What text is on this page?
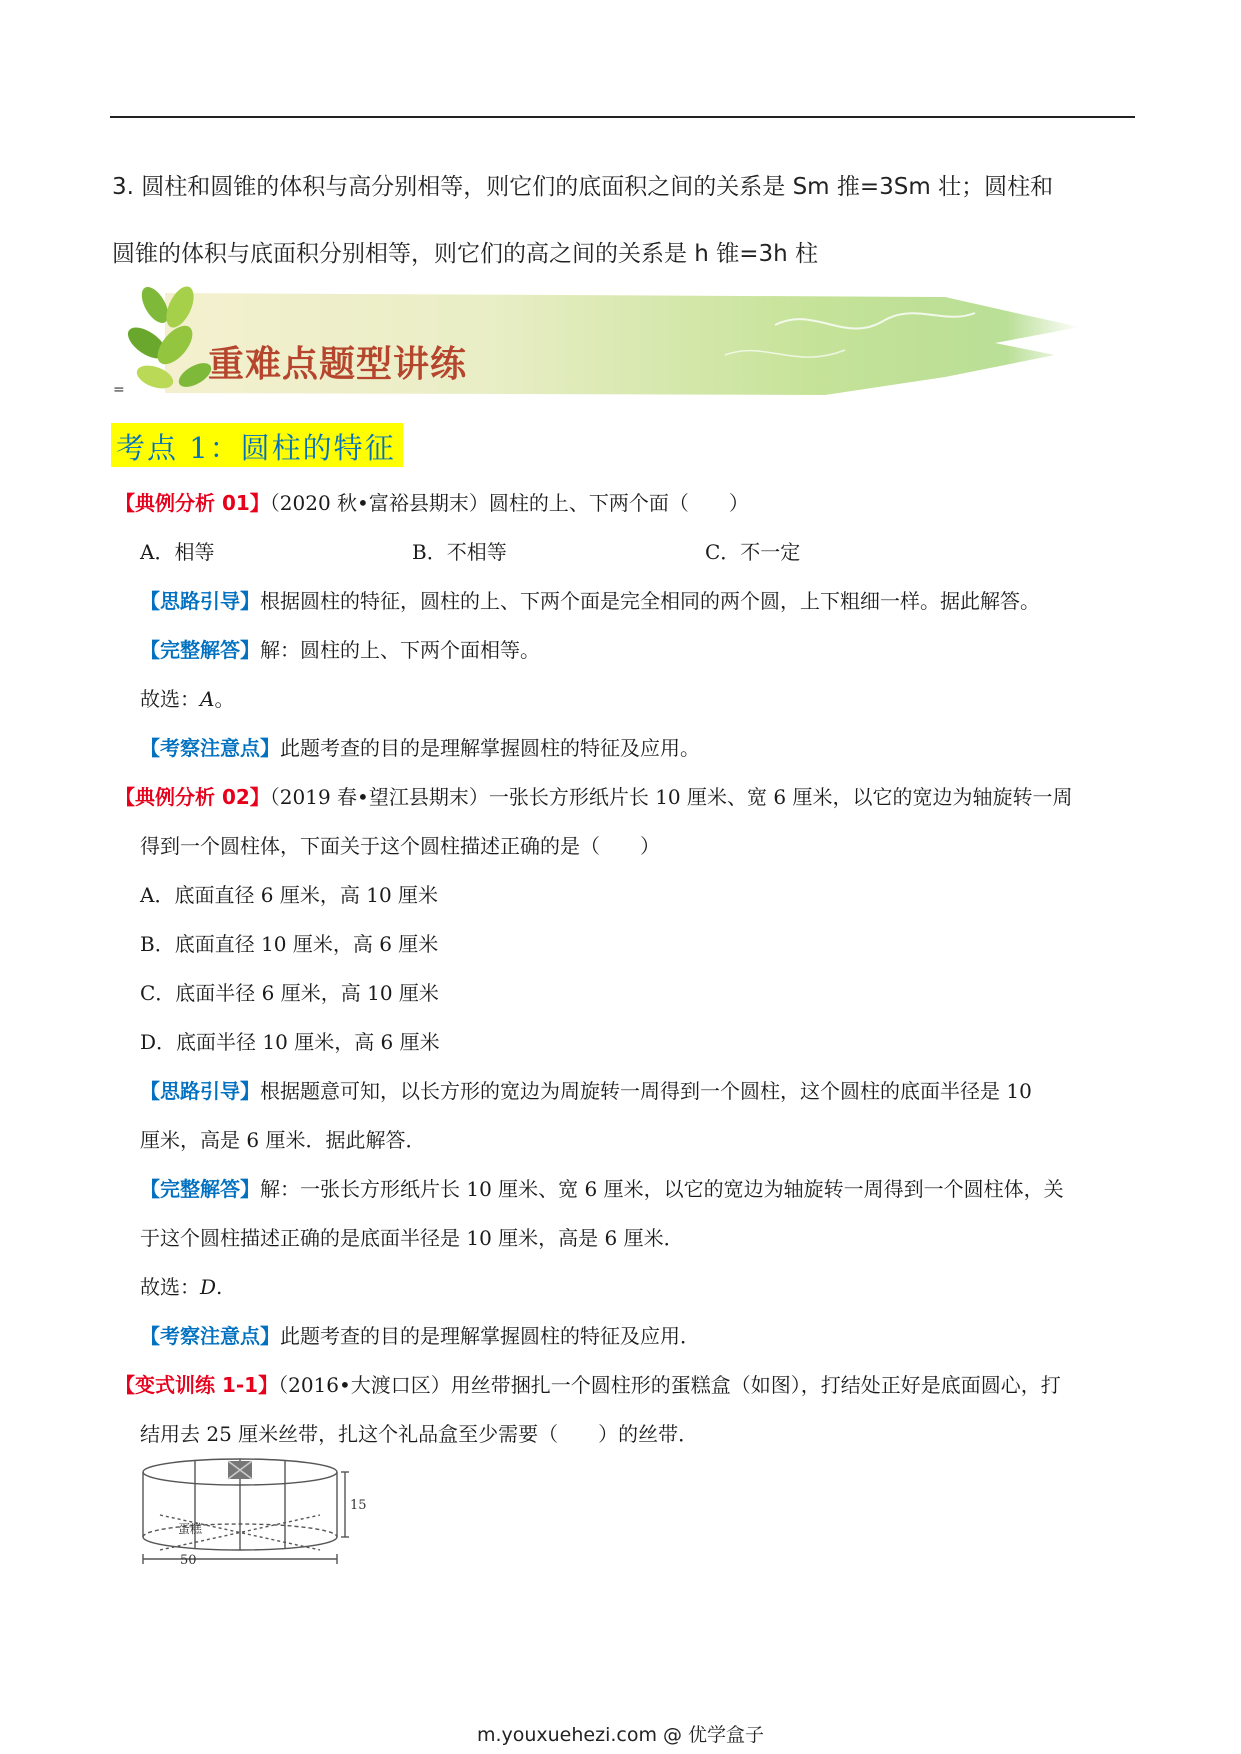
3. 圆柱和圆锥的体积与高分别相等，则它们的底面积之间的关系是 Sm 推=3Sm 壮；圆柱和
圆锥的体积与底面积分别相等，则它们的高之间的关系是 h 锥=3h 柱
重难点题型讲练
=
考点 1：圆柱的特征
【典例分析 01】（2020 秋•富裕县期末）圆柱的上、下两个面（　　）
A．相等	B．不相等	C．不一定
【思路引导】根据圆柱的特征，圆柱的上、下两个面是完全相同的两个圆，上下粗细一样。据此解答。
【完整解答】解：圆柱的上、下两个面相等。
故选：A。
【考察注意点】此题考查的目的是理解掌握圆柱的特征及应用。
【典例分析 02】（2019 春•望江县期末）一张长方形纸片长 10 厘米、宽 6 厘米，以它的宽边为轴旋转一周
得到一个圆柱体，下面关于这个圆柱描述正确的是（　　）
A．底面直径 6 厘米，高 10 厘米
B．底面直径 10 厘米，高 6 厘米
C．底面半径 6 厘米，高 10 厘米
D．底面半径 10 厘米，高 6 厘米
【思路引导】根据题意可知，以长方形的宽边为周旋转一周得到一个圆柱，这个圆柱的底面半径是 10
厘米，高是 6 厘米．据此解答．
【完整解答】解：一张长方形纸片长 10 厘米、宽 6 厘米，以它的宽边为轴旋转一周得到一个圆柱体，关
于这个圆柱描述正确的是底面半径是 10 厘米，高是 6 厘米．
故选：D.
【考察注意点】此题考查的目的是理解掌握圆柱的特征及应用．
【变式训练 1-1】（2016•大渡口区）用丝带捆扎一个圆柱形的蛋糕盒（如图），打结处正好是底面圆心，打
结用去 25 厘米丝带，扎这个礼品盒至少需要（　　）的丝带．
蛋糕
15
50
m.youxuehezi.com @ 优学盒子
